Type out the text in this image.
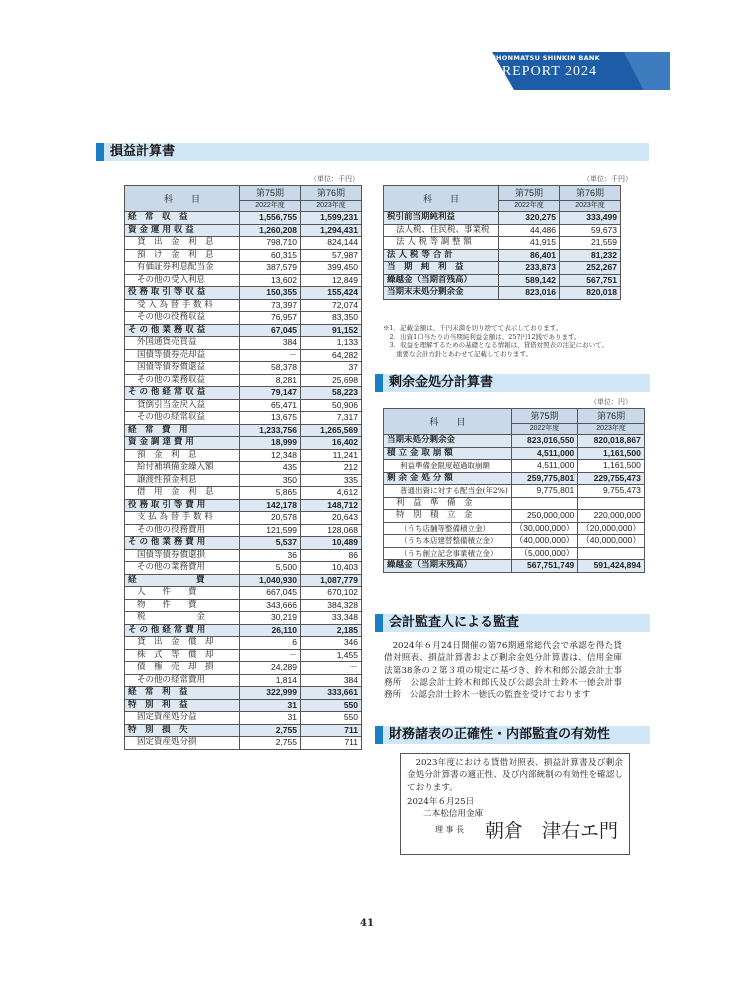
NIHONMATSU SHINKIN BANK
REPORT 2024
損益計算書
（単位：千円）
科　　目	第75期	第76期
	2022年度	2023年度
経　常　収　益	1,556,755	1,599,231
資 金 運 用 収 益	1,260,208	1,294,431
貸　出　金　利　息	798,710	824,144
預　け　金　利　息	60,315	57,987
有価証券利息配当金	387,579	399,450
その他の受入利息	13,602	12,849
役 務 取 引 等 収 益	150,355	155,424
受 入 為 替 手 数 料	73,397	72,074
その他の役務収益	76,957	83,350
そ の 他 業 務 収 益	67,045	91,152
外国通貨売買益	384	1,133
国債等債券売却益	－	64,282
国債等債券償還益	58,378	37
その他の業務収益	8,281	25,698
そ の 他 経 常 収 益	79,147	58,223
貸倒引当金戻入益	65,471	50,906
その他の経常収益	13,675	7,317
経　常　費　用	1,233,756	1,265,569
資 金 調 達 費 用	18,999	16,402
預　金　利　息	12,348	11,241
給付補填備金繰入額	435	212
譲渡性預金利息	350	335
借　用　金　利　息	5,865	4,612
役 務 取 引 等 費 用	142,178	148,712
支 払 為 替 手 数 料	20,578	20,643
その他の役務費用	121,599	128,068
そ の 他 業 務 費 用	5,537	10,489
国債等債券償還損	36	86
その他の業務費用	5,500	10,403
経　　　　　　　費	1,040,930	1,087,779
人　　件　　費	667,045	670,102
物　　件　　費	343,666	384,328
税　　　　　　金	30,219	33,348
そ の 他 経 常 費 用	26,110	2,185
貸　出　金　償　却	6	346
株　式　等　償　却	－	1,455
債　権　売　却　損	24,289	－
その他の経常費用	1,814	384
経　常　利　益	322,999	333,661
特　別　利　益	31	550
固定資産処分益	31	550
特　別　損　失	2,755	711
固定資産処分損	2,755	711
（単位：千円）
科　　目	第75期	第76期
	2022年度	2023年度
税引前当期純利益	320,275	333,499
法人税、住民税、事業税	44,486	59,673
法 人 税 等 調 整 額	41,915	21,559
法 人 税 等 合 計	86,401	81,232
当　期　純　利　益	233,873	252,267
繰越金（当期首残高）	589,142	567,751
当期末未処分剰余金	823,016	820,018
※1．記載金額は、千円未満を切り捨てて表示しております。
　2．出資1口当たりの当期純利益金額は、257円12銭であります。
　3．収益を理解するための基礎となる情報は、貸借対照表の注記において、
　　重要な会計方針とあわせて記載しております。
剰余金処分計算書
（単位：円）
科　　目	第75期	第76期
	2022年度	2023年度
当期未処分剰余金	823,016,550	820,018,867
積 立 金 取 崩 額	4,511,000	1,161,500
利益準備金限度超過取崩額	4,511,000	1,161,500
剰 余 金 処 分 額	259,775,801	229,755,473
普通出資に対する配当金(年2%)	9,775,801	9,755,473
利　益　準　備　金		
特　別　積　立　金	250,000,000	220,000,000
（うち店舗等整備積立金）	（30,000,000）	（20,000,000）
（うち本店建替整備積立金）	（40,000,000）	（40,000,000）
（うち創立記念事業積立金）	（5,000,000）	
繰越金（当期末残高）	567,751,749	591,424,894
会計監査人による監査
2024年６月24日開催の第76期通常総代会で承認を得た貸借対照表、損益計算書および剰余金処分計算書は、信用金庫法第38条の２第３項の規定に基づき、鈴木和郎公認会計士事務所　公認会計士鈴木和郎氏及び公認会計士鈴木一徳会計事務所　公認会計士鈴木一徳氏の監査を受けております
財務諸表の正確性・内部監査の有効性
2023年度における貸借対照表、損益計算書及び剰余金処分計算書の適正性、及び内部統制の有効性を確認しております。
2024年６月25日
二本松信用金庫
理 事 長	朝倉　津右エ門
41
